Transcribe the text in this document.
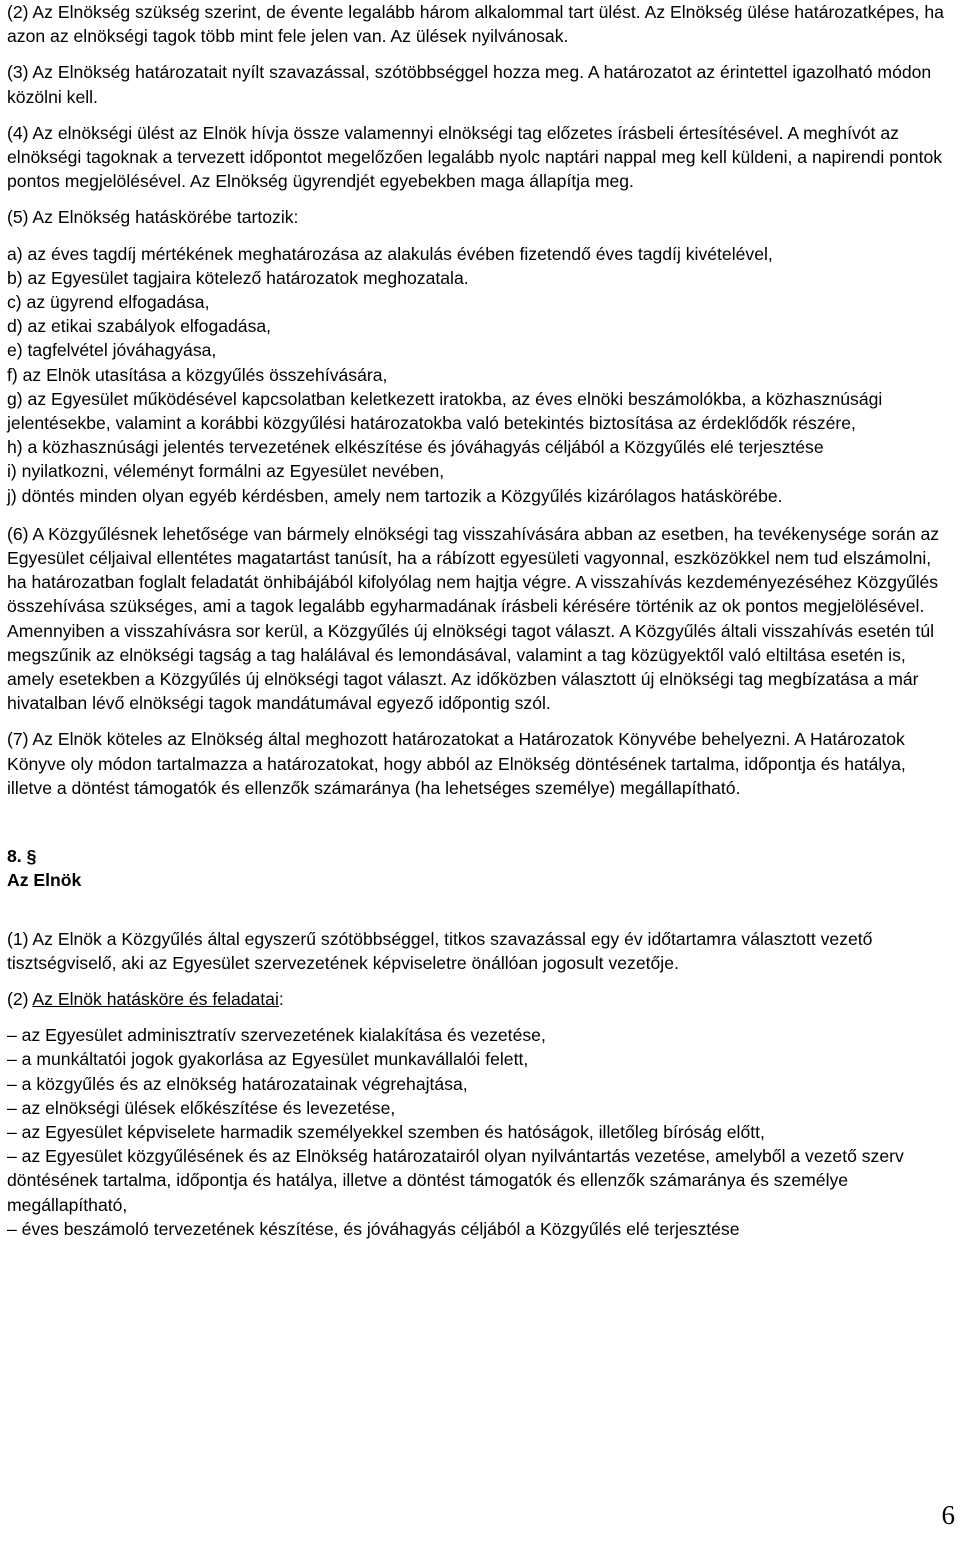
(2) Az Elnökség szükség szerint, de évente legalább három alkalommal tart ülést. Az Elnökség ülése határozatképes, ha azon az elnökségi tagok több mint fele jelen van. Az ülések nyilvánosak.

(3) Az Elnökség határozatait nyílt szavazással, szótöbbséggel hozza meg. A határozatot az érintettel igazolható módon közölni kell.

(4) Az elnökségi ülést az Elnök hívja össze valamennyi elnökségi tag előzetes írásbeli értesítésével. A meghívót az elnökségi tagoknak a tervezett időpontot megelőzően legalább nyolc naptári nappal meg kell küldeni, a napirendi pontok pontos megjelölésével. Az Elnökség ügyrendjét egyebekben maga állapítja meg.

(5) Az Elnökség hatáskörébe tartozik:

a) az éves tagdíj mértékének meghatározása az alakulás évében fizetendő éves tagdíj kivételével,
b) az Egyesület tagjaira kötelező határozatok meghozatala.
c) az ügyrend elfogadása,
d) az etikai szabályok elfogadása,
e) tagfelvétel jóváhagyása,
f) az Elnök utasítása a közgyűlés összehívására,
g) az Egyesület működésével kapcsolatban keletkezett iratokba, az éves elnöki beszámolókba, a közhasznúsági jelentésekbe, valamint a korábbi közgyűlési határozatokba való betekintés biztosítása az érdeklődők részére,
h) a közhasznúsági jelentés tervezetének elkészítése és jóváhagyás céljából a Közgyűlés elé terjesztése
i) nyilatkozni, véleményt formálni az Egyesület nevében,
j) döntés minden olyan egyéb kérdésben, amely nem tartozik a Közgyűlés kizárólagos hatáskörébe.

(6) A Közgyűlésnek lehetősége van bármely elnökségi tag visszahívására abban az esetben, ha tevékenysége során az Egyesület céljaival ellentétes magatartást tanúsít, ha a rábízott egyesületi vagyonnal, eszközökkel nem tud elszámolni, ha határozatban foglalt feladatát önhibájából kifolyólag nem hajtja végre. A visszahívás kezdeményezéséhez Közgyűlés összehívása szükséges, ami a tagok legalább egyharmadának írásbeli kérésére történik az ok pontos megjelölésével. Amennyiben a visszahívásra sor kerül, a Közgyűlés új elnökségi tagot választ. A Közgyűlés általi visszahívás esetén túl megszűnik az elnökségi tagság a tag halálával és lemondásával, valamint a tag közügyektől való eltiltása esetén is, amely esetekben a Közgyűlés új elnökségi tagot választ. Az időközben választott új elnökségi tag megbízatása a már hivatalban lévő elnökségi tagok mandátumával egyező időpontig szól.

(7) Az Elnök köteles az Elnökség által meghozott határozatokat a Határozatok Könyvébe behelyezni. A Határozatok Könyve oly módon tartalmazza a határozatokat, hogy abból az Elnökség döntésének tartalma, időpontja és hatálya, illetve a döntést támogatók és ellenzők számaránya (ha lehetséges személye) megállapítható.

8. §
Az Elnök

(1) Az Elnök a Közgyűlés által egyszerű szótöbbséggel, titkos szavazással egy év időtartamra választott vezető tisztségviselő, aki az Egyesület szervezetének képviseletre önállóan jogosult vezetője.

(2) Az Elnök hatásköre és feladatai:

– az Egyesület adminisztratív szervezetének kialakítása és vezetése,
– a munkáltatói jogok gyakorlása az Egyesület munkavállalói felett,
– a közgyűlés és az elnökség határozatainak végrehajtása,
– az elnökségi ülések előkészítése és levezetése,
– az Egyesület képviselete harmadik személyekkel szemben és hatóságok, illetőleg bíróság előtt,
– az Egyesület közgyűlésének és az Elnökség határozatairól olyan nyilvántartás vezetése, amelyből a vezető szerv döntésének tartalma, időpontja és hatálya, illetve a döntést támogatók és ellenzők számaránya és személye megállapítható,
– éves beszámoló tervezetének készítése, és jóváhagyás céljából a Közgyűlés elé terjesztése
6
